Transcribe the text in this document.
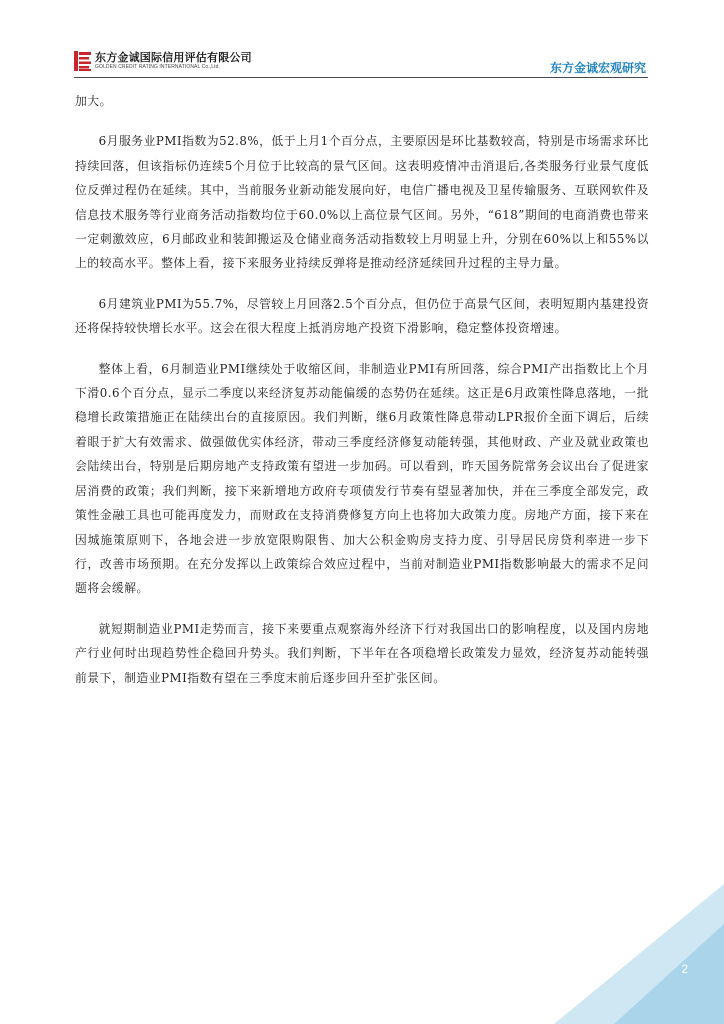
东方金诚国际信用评估有限公司
GOLDEN CREDIT RATING INTERNATIONAL Co.,Ltd.	东方金诚宏观研究

加大。

6月服务业PMI指数为52.8%，低于上月1个百分点，主要原因是环比基数较高，特别是市场需求环比持续回落，但该指标仍连续5个月位于比较高的景气区间。这表明疫情冲击消退后,各类服务行业景气度低位反弹过程仍在延续。其中，当前服务业新动能发展向好，电信广播电视及卫星传输服务、互联网软件及信息技术服务等行业商务活动指数均位于60.0%以上高位景气区间。另外，“618”期间的电商消费也带来一定刺激效应，6月邮政业和装卸搬运及仓储业商务活动指数较上月明显上升，分别在60%以上和55%以上的较高水平。整体上看，接下来服务业持续反弹将是推动经济延续回升过程的主导力量。

6月建筑业PMI为55.7%，尽管较上月回落2.5个百分点，但仍位于高景气区间，表明短期内基建投资还将保持较快增长水平。这会在很大程度上抵消房地产投资下滑影响，稳定整体投资增速。

整体上看，6月制造业PMI继续处于收缩区间，非制造业PMI有所回落，综合PMI产出指数比上个月下滑0.6个百分点，显示二季度以来经济复苏动能偏缓的态势仍在延续。这正是6月政策性降息落地，一批稳增长政策措施正在陆续出台的直接原因。我们判断，继6月政策性降息带动LPR报价全面下调后，后续着眼于扩大有效需求、做强做优实体经济，带动三季度经济修复动能转强，其他财政、产业及就业政策也会陆续出台，特别是后期房地产支持政策有望进一步加码。可以看到，昨天国务院常务会议出台了促进家居消费的政策；我们判断，接下来新增地方政府专项债发行节奏有望显著加快，并在三季度全部发完，政策性金融工具也可能再度发力，而财政在支持消费修复方向上也将加大政策力度。房地产方面，接下来在因城施策原则下，各地会进一步放宽限购限售、加大公积金购房支持力度、引导居民房贷利率进一步下行，改善市场预期。在充分发挥以上政策综合效应过程中，当前对制造业PMI指数影响最大的需求不足问题将会缓解。

就短期制造业PMI走势而言，接下来要重点观察海外经济下行对我国出口的影响程度，以及国内房地产行业何时出现趋势性企稳回升势头。我们判断，下半年在各项稳增长政策发力显效，经济复苏动能转强前景下，制造业PMI指数有望在三季度末前后逐步回升至扩张区间。

2
